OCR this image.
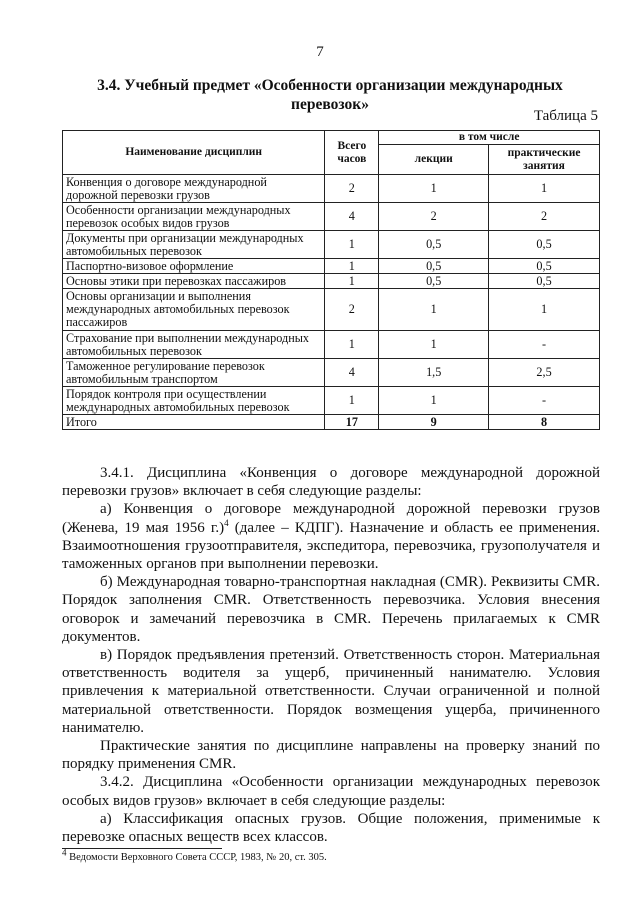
7
3.4. Учебный предмет «Особенности организации международных перевозок»
Таблица 5
Наименование дисциплин	Всего часов	в том числе	
		лекции	практические занятия
Конвенция о договоре международной дорожной перевозки грузов	2	1	1
Особенности организации международных перевозок особых видов грузов	4	2	2
Документы при организации международных автомобильных перевозок	1	0,5	0,5
Паспортно-визовое оформление	1	0,5	0,5
Основы этики при перевозках пассажиров	1	0,5	0,5
Основы организации и выполнения международных автомобильных перевозок пассажиров	2	1	1
Страхование при выполнении международных автомобильных перевозок	1	1	-
Таможенное регулирование перевозок автомобильным транспортом	4	1,5	2,5
Порядок контроля при осуществлении международных автомобильных перевозок	1	1	-
Итого	17	9	8

3.4.1. Дисциплина «Конвенция о договоре международной дорожной перевозки грузов» включает в себя следующие разделы:

а) Конвенция о договоре международной дорожной перевозки грузов (Женева, 19 мая 1956 г.)$^4$ (далее – КДПГ). Назначение и область ее применения. Взаимоотношения грузоотправителя, экспедитора, перевозчика, грузополучателя и таможенных органов при выполнении перевозки.

б) Международная товарно-транспортная накладная (CMR). Реквизиты CMR. Порядок заполнения CMR. Ответственность перевозчика. Условия внесения оговорок и замечаний перевозчика в CMR. Перечень прилагаемых к CMR документов.

в) Порядок предъявления претензий. Ответственность сторон. Материальная ответственность водителя за ущерб, причиненный нанимателю. Условия привлечения к материальной ответственности. Случаи ограниченной и полной материальной ответственности. Порядок возмещения ущерба, причиненного нанимателю.

Практические занятия по дисциплине направлены на проверку знаний по порядку применения CMR.

3.4.2. Дисциплина «Особенности организации международных перевозок особых видов грузов» включает в себя следующие разделы:

а) Классификация опасных грузов. Общие положения, применимые к перевозке опасных веществ всех классов.

$^4$ Ведомости Верховного Совета СССР, 1983, № 20, ст. 305.
